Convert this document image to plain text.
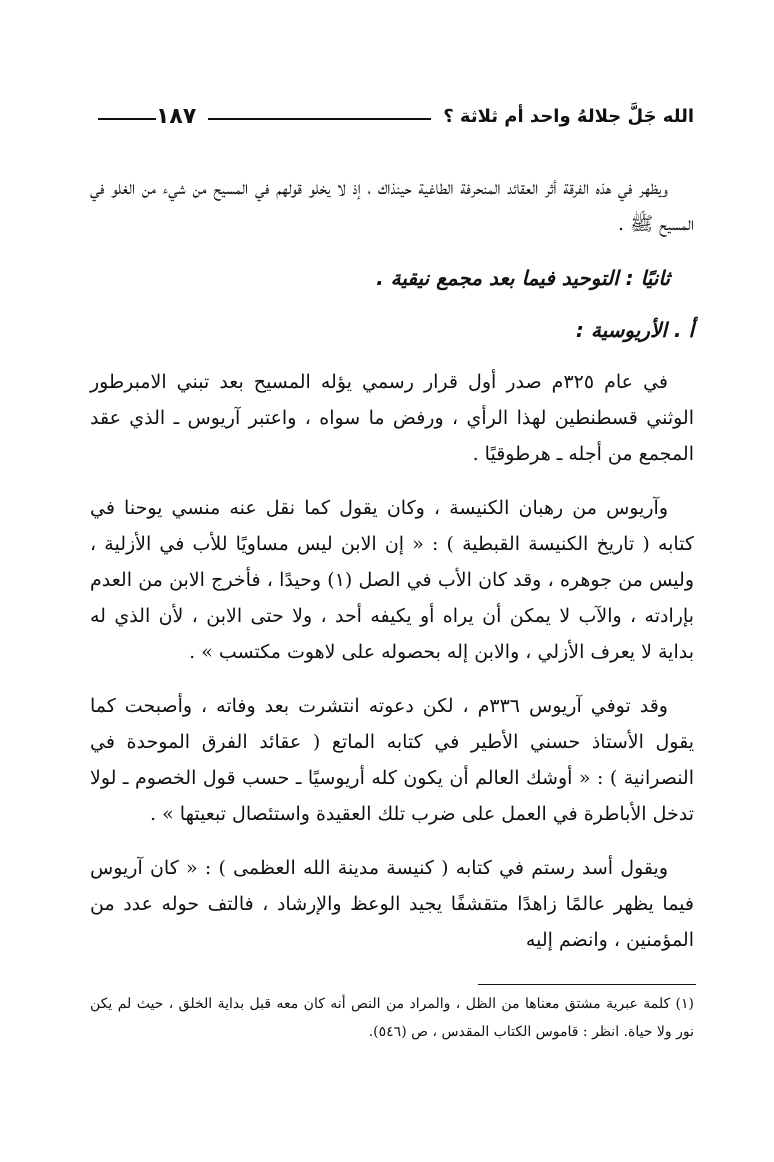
الله جَلَّ جلالهُ واحد أم ثلاثة ؟
١٨٧

ويظهر في هذه الفرقة أثر العقائد المنحرفة الطاغية حينذاك ، إذ لا يخلو قولهم في المسيح من شيء من الغلو في المسيح ﷺ .

ثانيًا : التوحيد فيما بعد مجمع نيقية .
أ . الأريوسية :

في عام ٣٢٥م صدر أول قرار رسمي يؤله المسيح بعد تبني الامبرطور الوثني قسطنطين لهذا الرأي ، ورفض ما سواه ، واعتبر آريوس ـ الذي عقد المجمع من أجله ـ هرطوقيًا .

وآريوس من رهبان الكنيسة ، وكان يقول كما نقل عنه منسي يوحنا في كتابه ( تاريخ الكنيسة القبطية ) : « إن الابن ليس مساويًا للأب في الأزلية ، وليس من جوهره ، وقد كان الأب في الصل (١) وحيدًا ، فأخرج الابن من العدم بإرادته ، والآب لا يمكن أن يراه أو يكيفه أحد ، ولا حتى الابن ، لأن الذي له بداية لا يعرف الأزلي ، والابن إله بحصوله على لاهوت مكتسب » .

وقد توفي آريوس ٣٣٦م ، لكن دعوته انتشرت بعد وفاته ، وأصبحت كما يقول الأستاذ حسني الأطير في كتابه الماتع ( عقائد الفرق الموحدة في النصرانية ) : « أوشك العالم أن يكون كله أريوسيًا ـ حسب قول الخصوم ـ لولا تدخل الأباطرة في العمل على ضرب تلك العقيدة واستئصال تبعيتها » .

ويقول أسد رستم في كتابه ( كنيسة مدينة الله العظمى ) : « كان آريوس فيما يظهر عالمًا زاهدًا متقشفًا يجيد الوعظ والإرشاد ، فالتف حوله عدد من المؤمنين ، وانضم إليه

(١) كلمة عبرية مشتق معناها من الظل ، والمراد من النص أنه كان معه قبل بداية الخلق ، حيث لم يكن نور ولا حياة. انظر : قاموس الكتاب المقدس ، ص (٥٤٦).
